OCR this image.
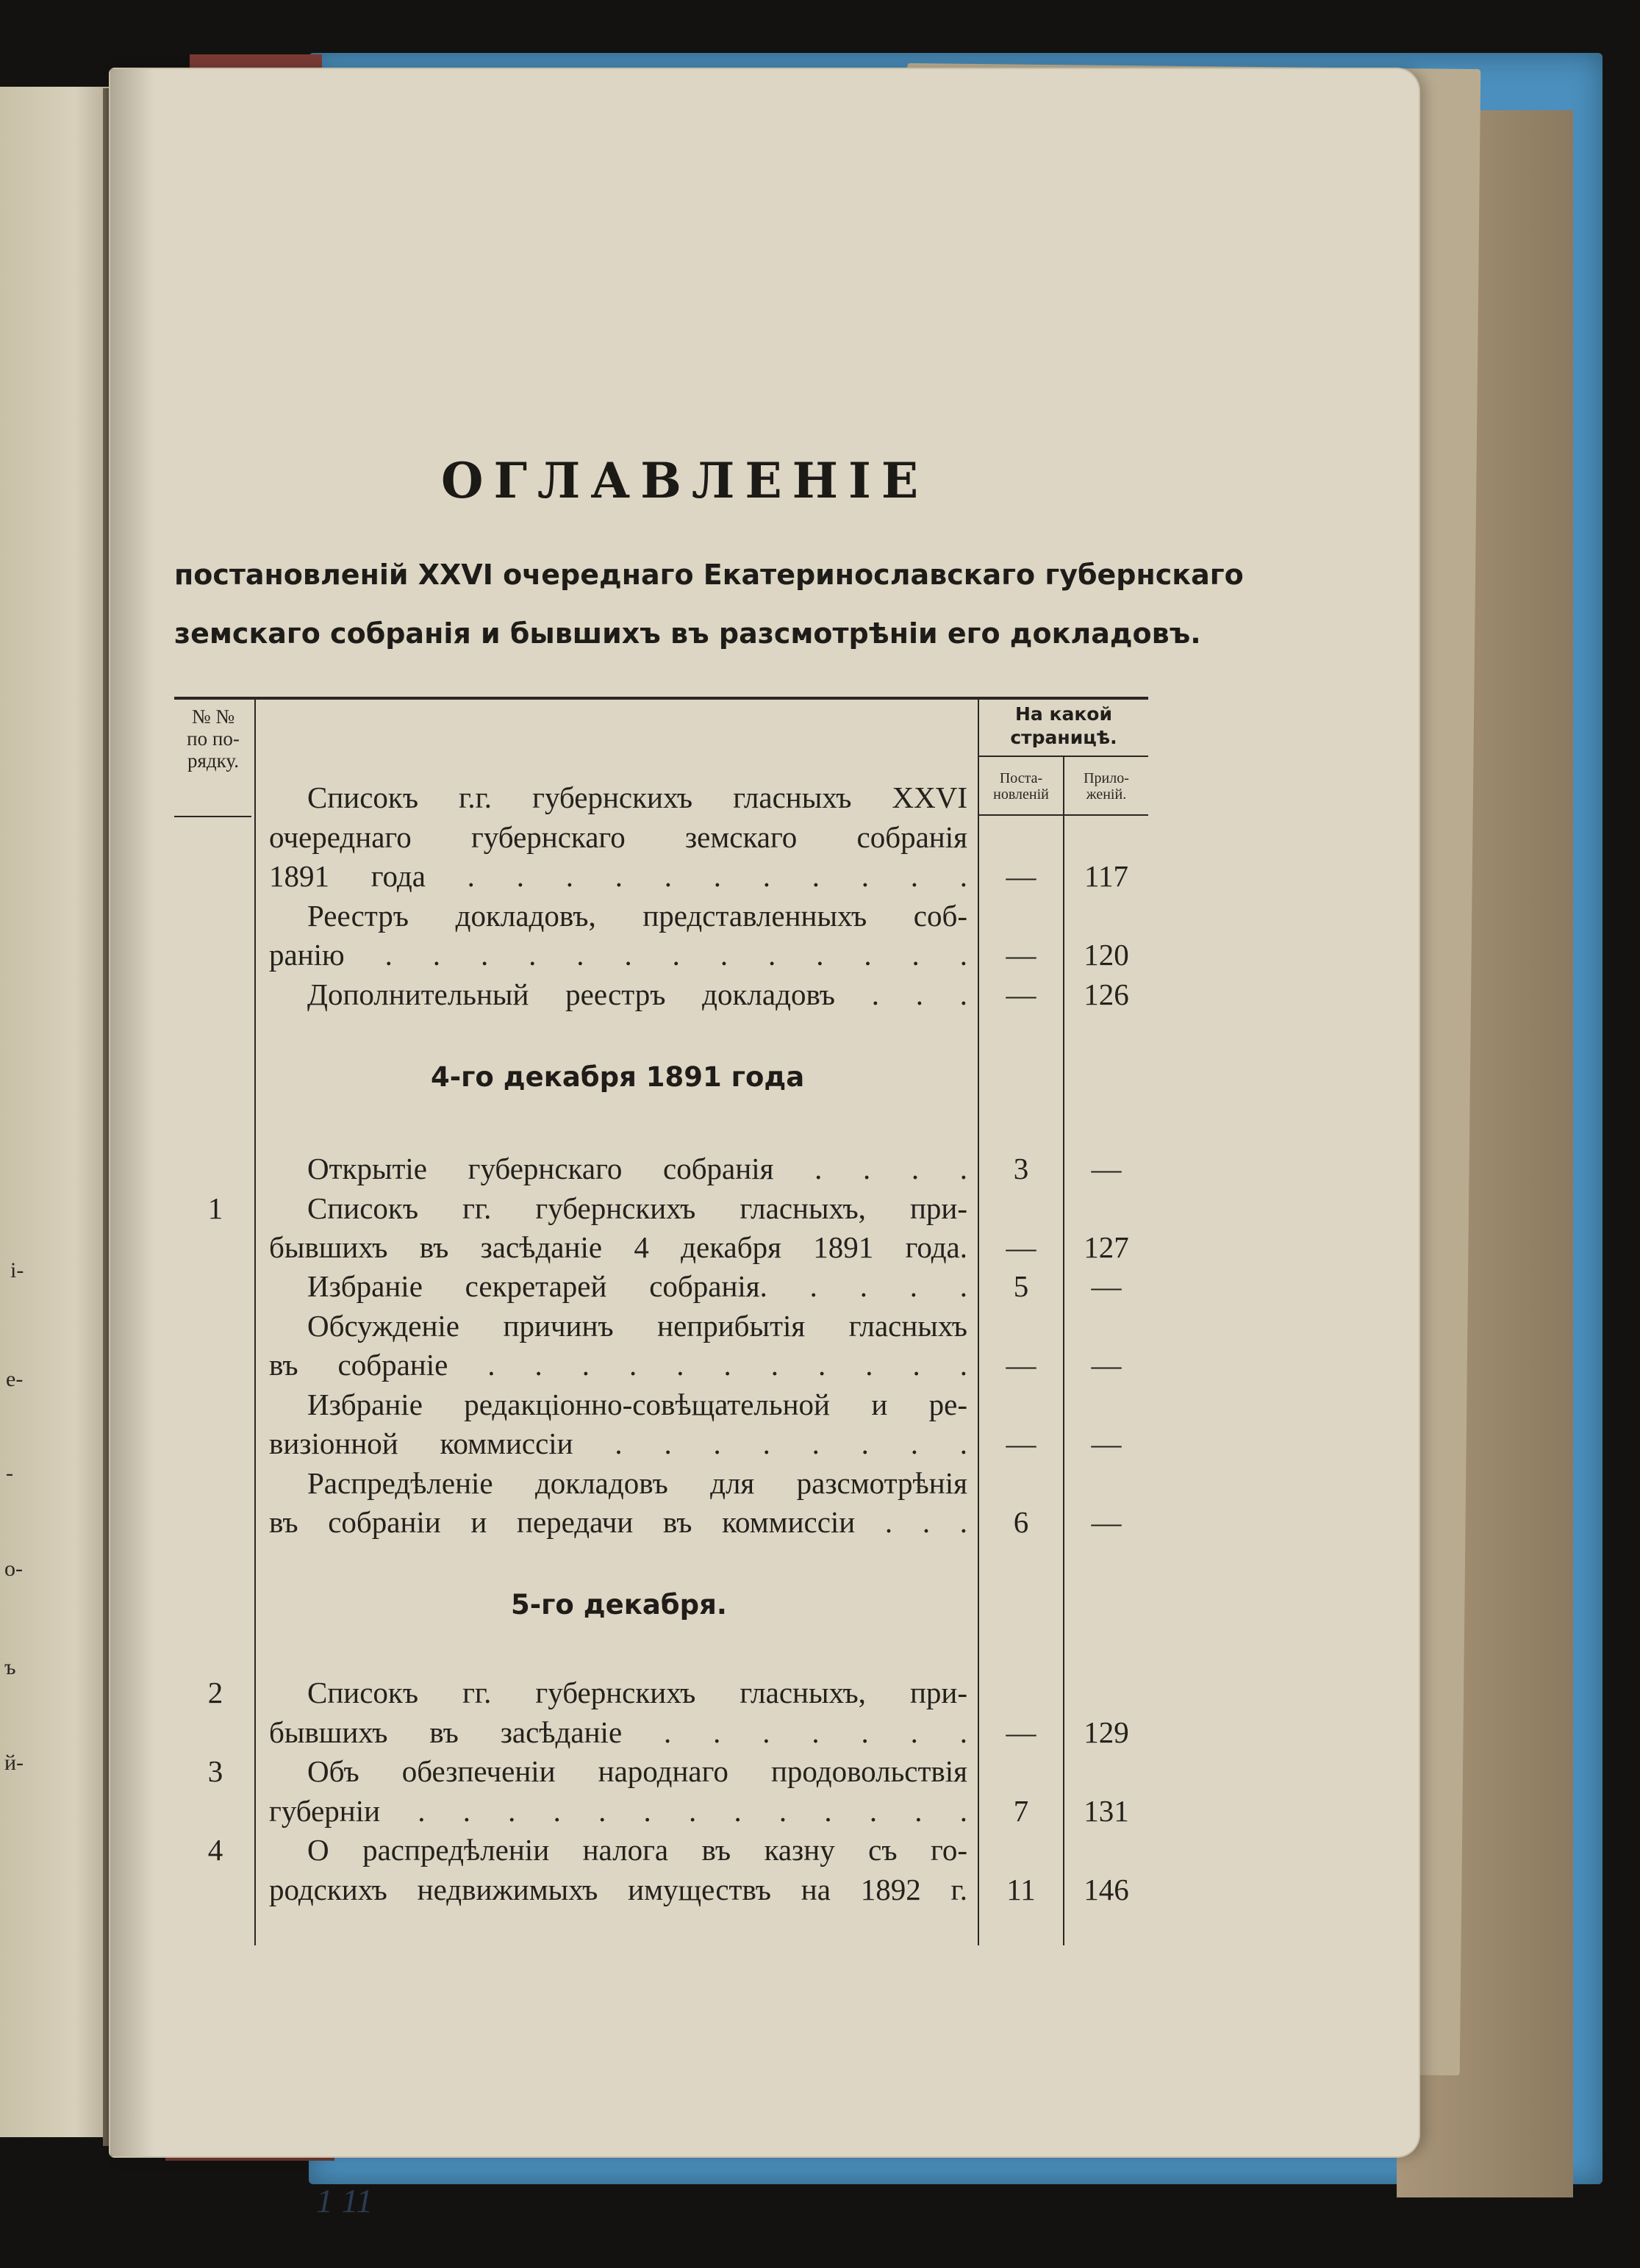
і-
e-
-
о-
ъ
й-
ОГЛАВЛЕНІЕ
постановленій XXVI очереднаго Екатеринославскаго губернскаго
земскаго собранія и бывшихъ въ разсмотрѣніи его докладовъ.
№ №
по по-
рядку.
На какой
страницѣ.
Поста-
новленій
Прило-
женій.
Списокъ г.г. губернскихъ гласныхъ XXVI
очереднаго губернскаго земскаго собранія
1891 года . . . . . . . . . . .	—	117
Реестръ докладовъ, представленныхъ соб-
ранію . . . . . . . . . . . . .	—	120
Дополнительный реестръ докладовъ . . .	—	126
4-го декабря 1891 года
Открытіе губернскаго собранія . . . .	3	—
1	Списокъ гг. губернскихъ гласныхъ, при-
бывшихъ въ засѣданіе 4 декабря 1891 года.	—	127
Избраніе секретарей собранія. . . . .	5	—
Обсужденіе причинъ неприбытія гласныхъ
въ собраніе . . . . . . . . . . .	—	—
Избраніе редакціонно-совѣщательной и ре-
визіонной коммиссіи . . . . . . . .	—	—
Распредѣленіе докладовъ для разсмотрѣнія
въ собраніи и передачи въ коммиссіи . . .	6	—
5-го декабря.
2	Списокъ гг. губернскихъ гласныхъ, при-
бывшихъ въ засѣданіе . . . . . . .	—	129
3	Объ обезпеченіи народнаго продовольствія
губерніи . . . . . . . . . . . . .	7	131
4	О распредѣленіи налога въ казну съ го-
родскихъ недвижимыхъ имуществъ на 1892 г.	11	146
1 11
